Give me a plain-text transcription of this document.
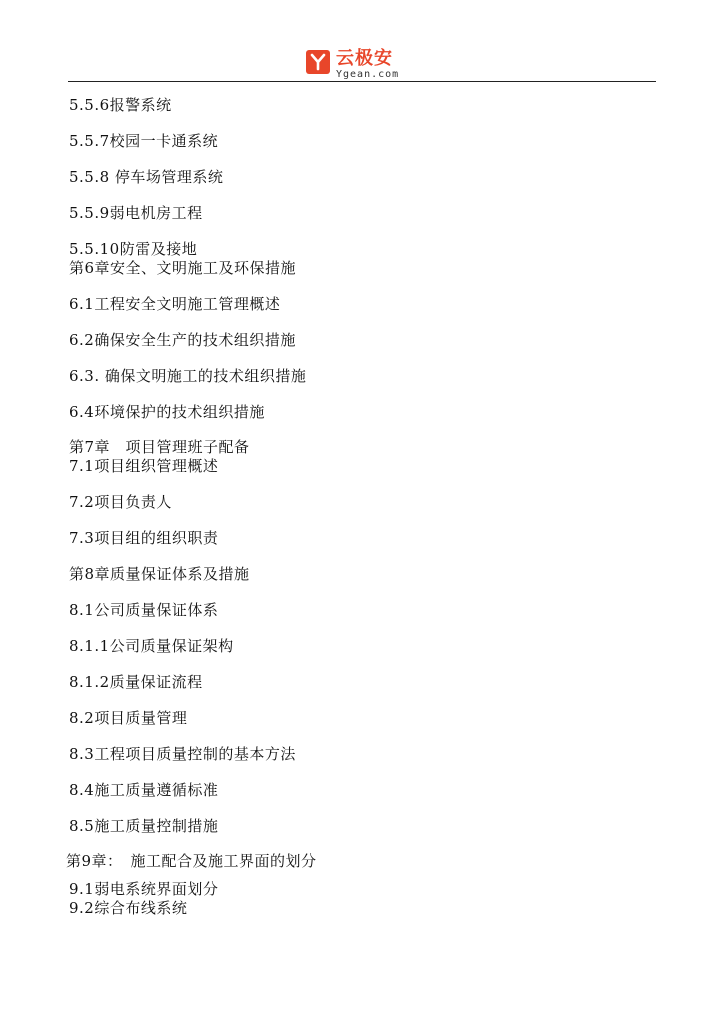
云极安
Ygean.com
5.5.6报警系统
5.5.7校园一卡通系统
5.5.8 停车场管理系统
5.5.9弱电机房工程
5.5.10防雷及接地
第6章安全、文明施工及环保措施
6.1工程安全文明施工管理概述
6.2确保安全生产的技术组织措施
6.3. 确保文明施工的技术组织措施
6.4环境保护的技术组织措施
第7章　项目管理班子配备
7.1项目组织管理概述
7.2项目负责人
7.3项目组的组织职责
第8章质量保证体系及措施
8.1公司质量保证体系
8.1.1公司质量保证架构
8.1.2质量保证流程
8.2项目质量管理
8.3工程项目质量控制的基本方法
8.4施工质量遵循标准
8.5施工质量控制措施
第9章：　施工配合及施工界面的划分
9.1弱电系统界面划分
9.2综合布线系统
